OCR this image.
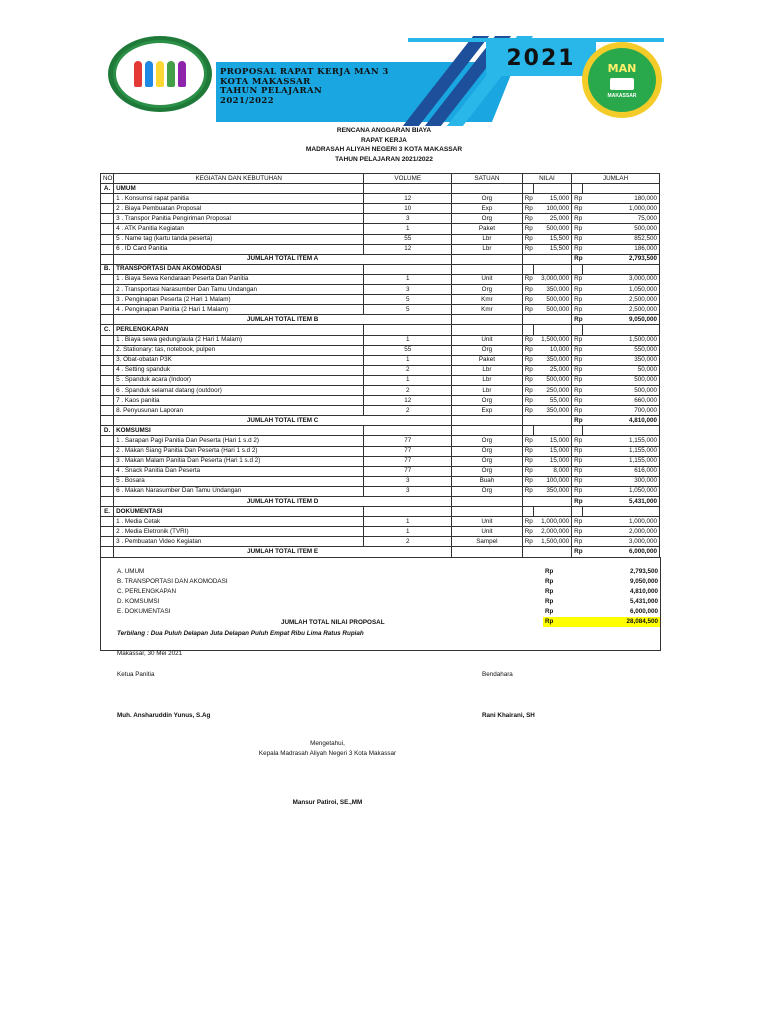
PROPOSAL RAPAT KERJA MAN 3
KOTA MAKASSAR
TAHUN PELAJARAN
2021/2022
2021	MAN
MAKASSAR
RENCANA ANGGARAN BIAYA
RAPAT KERJA
MADRASAH ALIYAH NEGERI 3 KOTA MAKASSAR
TAHUN PELAJARAN 2021/2022
NO	KEGIATAN DAN KEBUTUHAN	VOLUME	SATUAN	NILAI		JUMLAH	
A.	UMUM						
	1 . Konsumsi rapat panitia	12	Org	Rp	15,000	Rp	180,000
	2 . Biaya Pembuatan Proposal	10	Exp	Rp	100,000	Rp	1,000,000
	3 . Transpor Panitia Pengiriman Proposal	3	Org	Rp	25,000	Rp	75,000
	4 . ATK Panitia Kegiatan	1	Paket	Rp	500,000	Rp	500,000
	5 . Name tag (kartu tanda peserta)	55	Lbr	Rp	15,500	Rp	852,500
	6 . ID Card Panitia	12	Lbr	Rp	15,500	Rp	186,000
	JUMLAH TOTAL ITEM A					Rp	2,793,500
B.	TRANSPORTASI DAN AKOMODASI						
	1 . Biaya Sewa Kendaraan Peserta Dan Panitia	1	Unit	Rp	3,000,000	Rp	3,000,000
	2 . Transportasi Narasumber Dan Tamu Undangan	3	Org	Rp	350,000	Rp	1,050,000
	3 . Penginapan Peserta (2 Hari 1 Malam)	5	Kmr	Rp	500,000	Rp	2,500,000
	4 . Penginapan Panitia (2 Hari 1 Malam)	5	Kmr	Rp	500,000	Rp	2,500,000
	JUMLAH TOTAL ITEM B					Rp	9,050,000
C.	PERLENGKAPAN						
	1 . Biaya sewa gedung/aula (2 Hari 1 Malam)	1	Unit	Rp	1,500,000	Rp	1,500,000
	2. Stationary: tas, notebook, pulpen	55	Org	Rp	10,000	Rp	550,000
	3. Obat-obatan P3K	1	Paket	Rp	350,000	Rp	350,000
	4 . Setting spanduk	2	Lbr	Rp	25,000	Rp	50,000
	5 . Spanduk acara (Indoor)	1	Lbr	Rp	500,000	Rp	500,000
	6 . Spanduk selamat datang (outdoor)	2	Lbr	Rp	250,000	Rp	500,000
	7 . Kaos panitia	12	Org	Rp	55,000	Rp	660,000
	8. Penyusunan Laporan	2	Exp	Rp	350,000	Rp	700,000
	JUMLAH TOTAL ITEM C					Rp	4,810,000
D.	KOMSUMSI						
	1 . Sarapan Pagi Panitia Dan Peserta (Hari 1 s.d 2)	77	Org	Rp	15,000	Rp	1,155,000
	2 . Makan Siang Panitia Dan Peserta (Hari 1 s.d 2)	77	Org	Rp	15,000	Rp	1,155,000
	3 . Makan Malam Panitia Dan Peserta (Hari 1 s.d 2)	77	Org	Rp	15,000	Rp	1,155,000
	4 . Snack Panitia Dan Peserta	77	Org	Rp	8,000	Rp	616,000
	5 . Bosara	3	Buah	Rp	100,000	Rp	300,000
	6 . Makan Narasumber Dan Tamu Undangan	3	Org	Rp	350,000	Rp	1,050,000
	JUMLAH TOTAL ITEM D					Rp	5,431,000
E.	DOKUMENTASI						
	1 . Media Cetak	1	Unit	Rp	1,000,000	Rp	1,000,000
	2 . Media Eletronik (TVRI)	1	Unit	Rp	2,000,000	Rp	2,000,000
	3 . Pembuatan Video Kegiatan	2	Sampel	Rp	1,500,000	Rp	3,000,000
	JUMLAH TOTAL ITEM E					Rp	6,000,000
A. UMUM	Rp	2,793,500
B. TRANSPORTASI DAN AKOMODASI	Rp	9,050,000
C. PERLENGKAPAN	Rp	4,810,000
D. KOMSUMSI	Rp	5,431,000
E. DOKUMENTASI	Rp	6,000,000
JUMLAH TOTAL NILAI PROPOSAL	Rp	28,084,500
Terbilang : Dua Puluh Delapan Juta Delapan Puluh Empat Ribu Lima Ratus Rupiah
Makassar, 30 Mei 2021
Ketua Panitia	Bendahara
Muh. Ansharuddin Yunus, S.Ag	Rani Khairani, SH
Mengetahui,
Kepala Madrasah Aliyah Negeri 3 Kota Makassar
Mansur Patiroi, SE.,MM
